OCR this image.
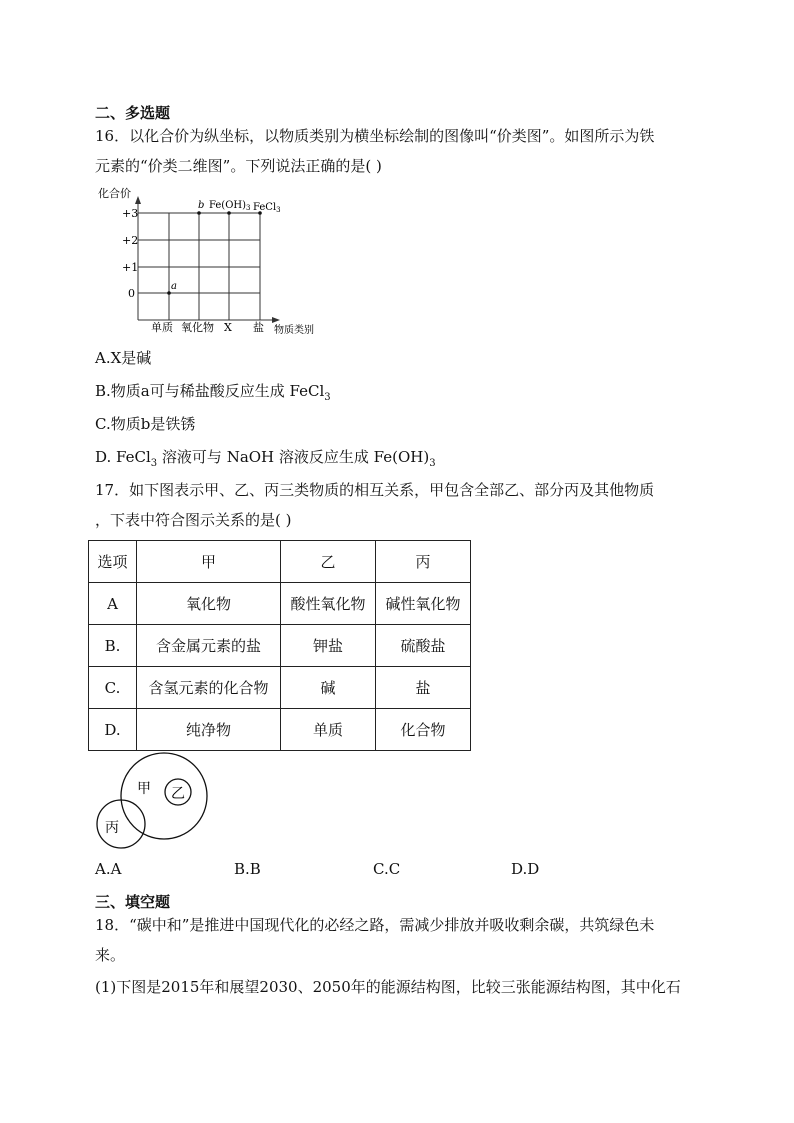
二、多选题
16．以化合价为纵坐标，以物质类别为横坐标绘制的图像叫“价类图”。如图所示为铁
元素的“价类二维图”。下列说法正确的是( )
化合价
+3
+2
+1
0
单质 氧化物 X 盐 物质类别
a
b $Fe(OH)_3$ FeCl$_3$
A.X是碱
B.物质a可与稀盐酸反应生成 FeCl$_3$
C.物质b是铁锈
D. FeCl$_3$ 溶液可与 NaOH 溶液反应生成 $Fe(OH)_3$
17．如下图表示甲、乙、丙三类物质的相互关系，甲包含全部乙、部分丙及其他物质
，下表中符合图示关系的是( )
选项	甲	乙	丙
A	氧化物	酸性氧化物	碱性氧化物
B.	含金属元素的盐	钾盐	硫酸盐
C.	含氢元素的化合物	碱	盐
D.	纯净物	单质	化合物
甲 乙
丙
A.A	B.B	C.C	D.D
三、填空题
18．“碳中和”是推进中国现代化的必经之路，需减少排放并吸收剩余碳，共筑绿色未
来。
(1)下图是2015年和展望2030、2050年的能源结构图，比较三张能源结构图，其中化石
